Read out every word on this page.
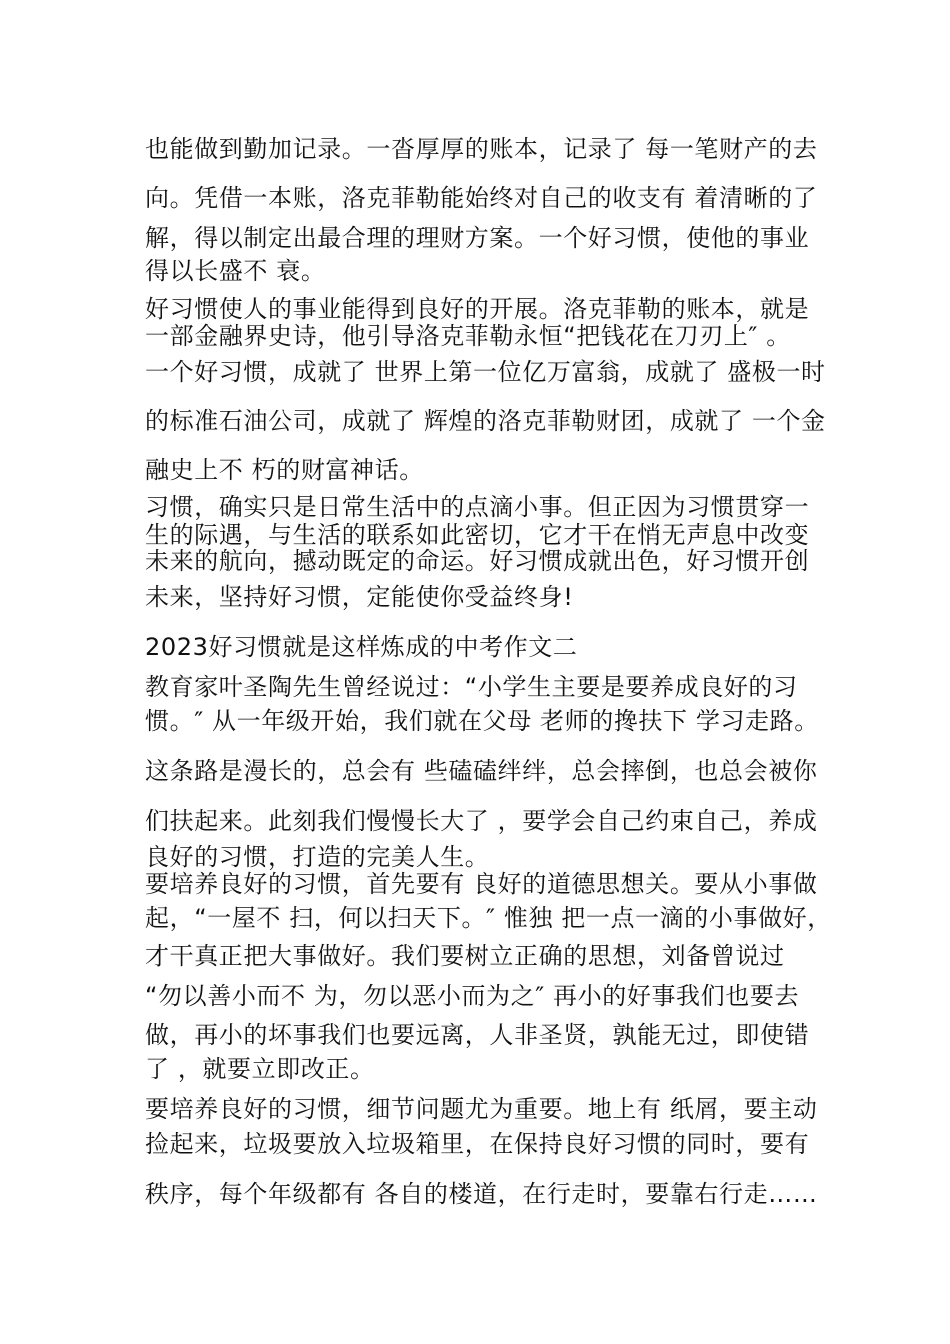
也能做到勤加记录。一沓厚厚的账本，记录了 每一笔财产的去
向。凭借一本账，洛克菲勒能始终对自己的收支有 着清晰的了
解，得以制定出最合理的理财方案。一个好习惯，使他的事业
得以长盛不 衰。
好习惯使人的事业能得到良好的开展。洛克菲勒的账本，就是
一部金融界史诗，他引导洛克菲勒永恒“把钱花在刀刃上″ 。
一个好习惯，成就了 世界上第一位亿万富翁，成就了 盛极一时
的标准石油公司，成就了 辉煌的洛克菲勒财团，成就了 一个金
融史上不 朽的财富神话。
习惯，确实只是日常生活中的点滴小事。但正因为习惯贯穿一
生的际遇，与生活的联系如此密切，它才干在悄无声息中改变
未来的航向，撼动既定的命运。好习惯成就出色，好习惯开创
未来，坚持好习惯，定能使你受益终身!
2023好习惯就是这样炼成的中考作文二
教育家叶圣陶先生曾经说过：“小学生主要是要养成良好的习
惯。″ 从一年级开始，我们就在父母 老师的搀扶下 学习走路。
这条路是漫长的，总会有 些磕磕绊绊，总会摔倒，也总会被你
们扶起来。此刻我们慢慢长大了 ，要学会自己约束自己，养成
良好的习惯，打造的完美人生。
要培养良好的习惯，首先要有 良好的道德思想关。要从小事做
起，“一屋不 扫，何以扫天下。″ 惟独 把一点一滴的小事做好，
才干真正把大事做好。我们要树立正确的思想，刘备曾说过
“勿以善小而不 为，勿以恶小而为之″ 再小的好事我们也要去
做，再小的坏事我们也要远离，人非圣贤，孰能无过，即使错
了 ，就要立即改正。
要培养良好的习惯，细节问题尤为重要。地上有 纸屑，要主动
捡起来，垃圾要放入垃圾箱里，在保持良好习惯的同时，要有
秩序，每个年级都有 各自的楼道，在行走时，要靠右行走……
